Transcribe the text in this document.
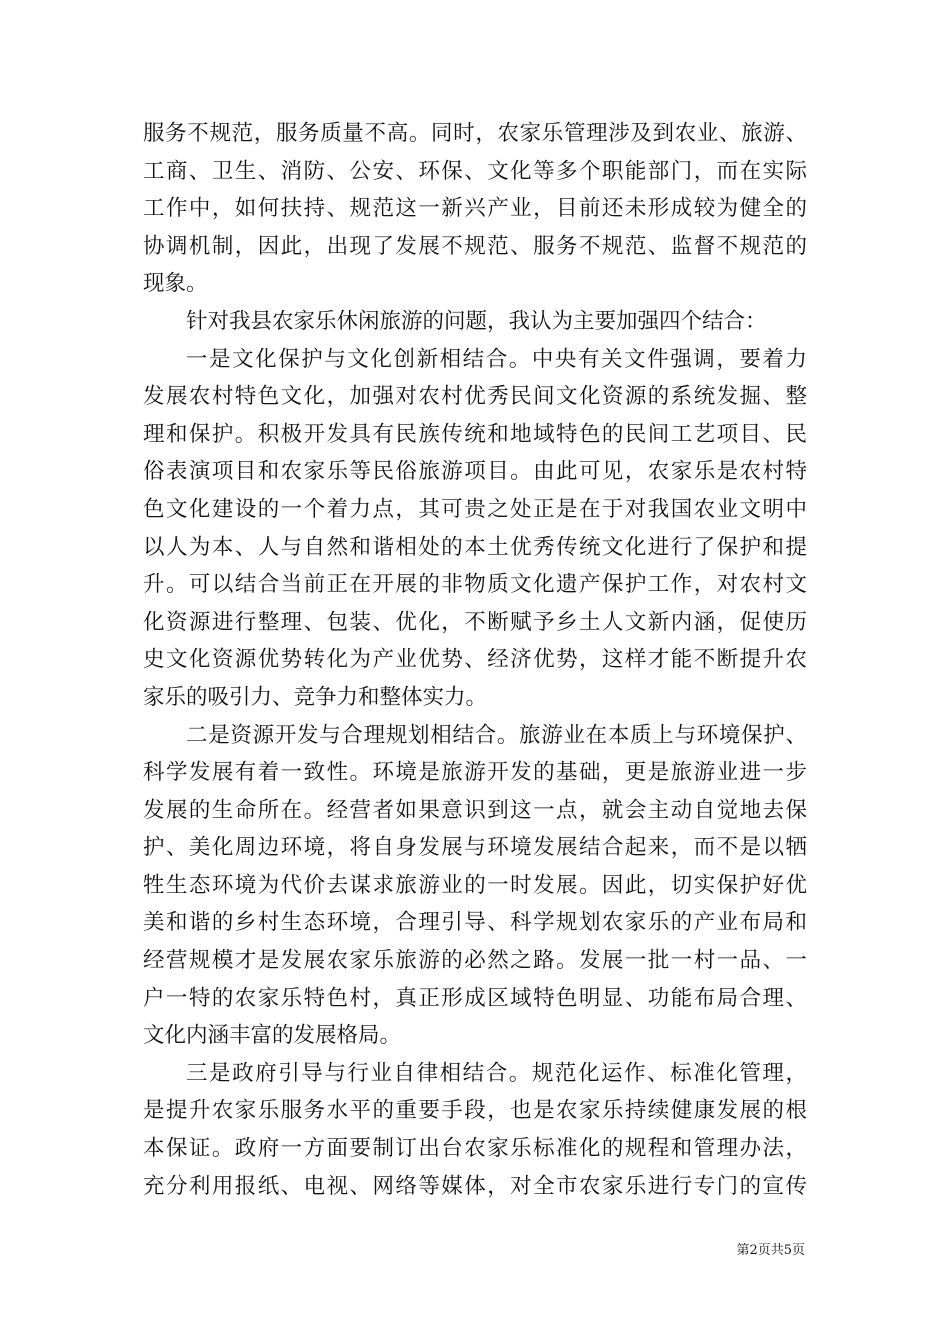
服务不规范，服务质量不高。同时，农家乐管理涉及到农业、旅游、
工商、卫生、消防、公安、环保、文化等多个职能部门，而在实际
工作中，如何扶持、规范这一新兴产业，目前还未形成较为健全的
协调机制，因此，出现了发展不规范、服务不规范、监督不规范的
现象。
针对我县农家乐休闲旅游的问题，我认为主要加强四个结合：
一是文化保护与文化创新相结合。中央有关文件强调，要着力
发展农村特色文化，加强对农村优秀民间文化资源的系统发掘、整
理和保护。积极开发具有民族传统和地域特色的民间工艺项目、民
俗表演项目和农家乐等民俗旅游项目。由此可见，农家乐是农村特
色文化建设的一个着力点，其可贵之处正是在于对我国农业文明中
以人为本、人与自然和谐相处的本土优秀传统文化进行了保护和提
升。可以结合当前正在开展的非物质文化遗产保护工作，对农村文
化资源进行整理、包装、优化，不断赋予乡土人文新内涵，促使历
史文化资源优势转化为产业优势、经济优势，这样才能不断提升农
家乐的吸引力、竞争力和整体实力。
二是资源开发与合理规划相结合。旅游业在本质上与环境保护、
科学发展有着一致性。环境是旅游开发的基础，更是旅游业进一步
发展的生命所在。经营者如果意识到这一点，就会主动自觉地去保
护、美化周边环境，将自身发展与环境发展结合起来，而不是以牺
牲生态环境为代价去谋求旅游业的一时发展。因此，切实保护好优
美和谐的乡村生态环境，合理引导、科学规划农家乐的产业布局和
经营规模才是发展农家乐旅游的必然之路。发展一批一村一品、一
户一特的农家乐特色村，真正形成区域特色明显、功能布局合理、
文化内涵丰富的发展格局。
三是政府引导与行业自律相结合。规范化运作、标准化管理，
是提升农家乐服务水平的重要手段，也是农家乐持续健康发展的根
本保证。政府一方面要制订出台农家乐标准化的规程和管理办法，
充分利用报纸、电视、网络等媒体，对全市农家乐进行专门的宣传
第2页共5页
